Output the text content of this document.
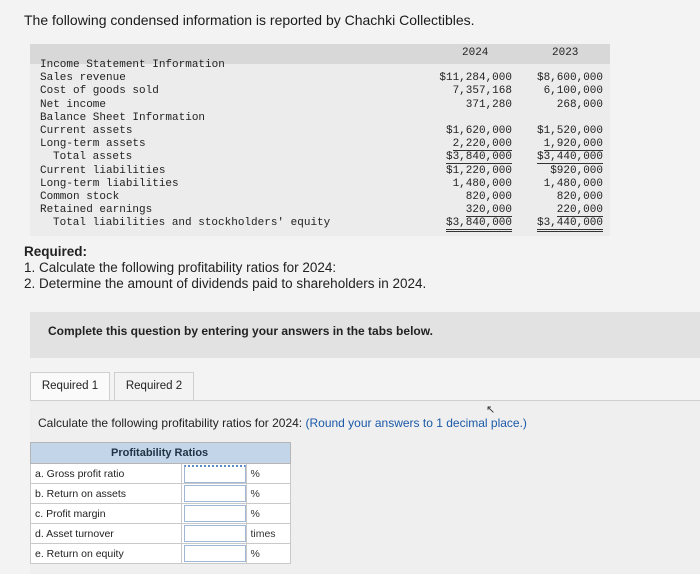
The following condensed information is reported by Chachki Collectibles.
2024	2023
Income Statement Information
Sales revenue	$11,284,000 $8,600,000
Cost of goods sold	7,357,168	6,100,000
Net income	371,280	268,000
Balance Sheet Information
Current assets	$1,620,000 $1,520,000
Long-term assets	2,220,000	1,920,000
Total assets	$3,840,000 $3,440,000
Current liabilities	$1,220,000	$920,000
Long-term liabilities	1,480,000	1,480,000
Common stock	820,000	820,000
Retained earnings	320,000	220,000
Total liabilities and stockholders' equity	$3,840,000 $3,440,000
Required:
1. Calculate the following profitability ratios for 2024:
2. Determine the amount of dividends paid to shareholders in 2024.
Complete this question by entering your answers in the tabs below.
Required 1	Required 2
Calculate the following profitability ratios for 2024: (Round your answers to 1 decimal place.)
Profitability Ratios		
a. Gross profit ratio		%
b. Return on assets		%
c. Profit margin		%
d. Asset turnover		times
e. Return on equity		%
↖
